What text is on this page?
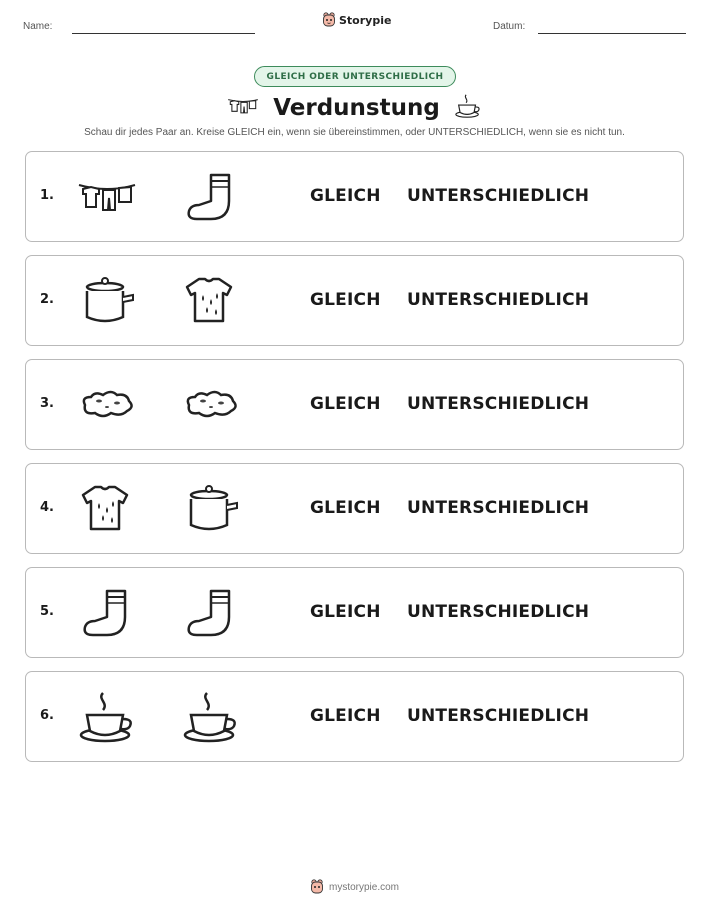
Name:	Storypie	Datum:
GLEICH ODER UNTERSCHIEDLICH
Verdunstung
Schau dir jedes Paar an. Kreise GLEICH ein, wenn sie übereinstimmen, oder UNTERSCHIEDLICH, wenn sie es nicht tun.
1.	GLEICH UNTERSCHIEDLICH
2.	GLEICH UNTERSCHIEDLICH
3.	GLEICH UNTERSCHIEDLICH
4.	GLEICH UNTERSCHIEDLICH
5.	GLEICH UNTERSCHIEDLICH
6.	GLEICH UNTERSCHIEDLICH
mystorypie.com
